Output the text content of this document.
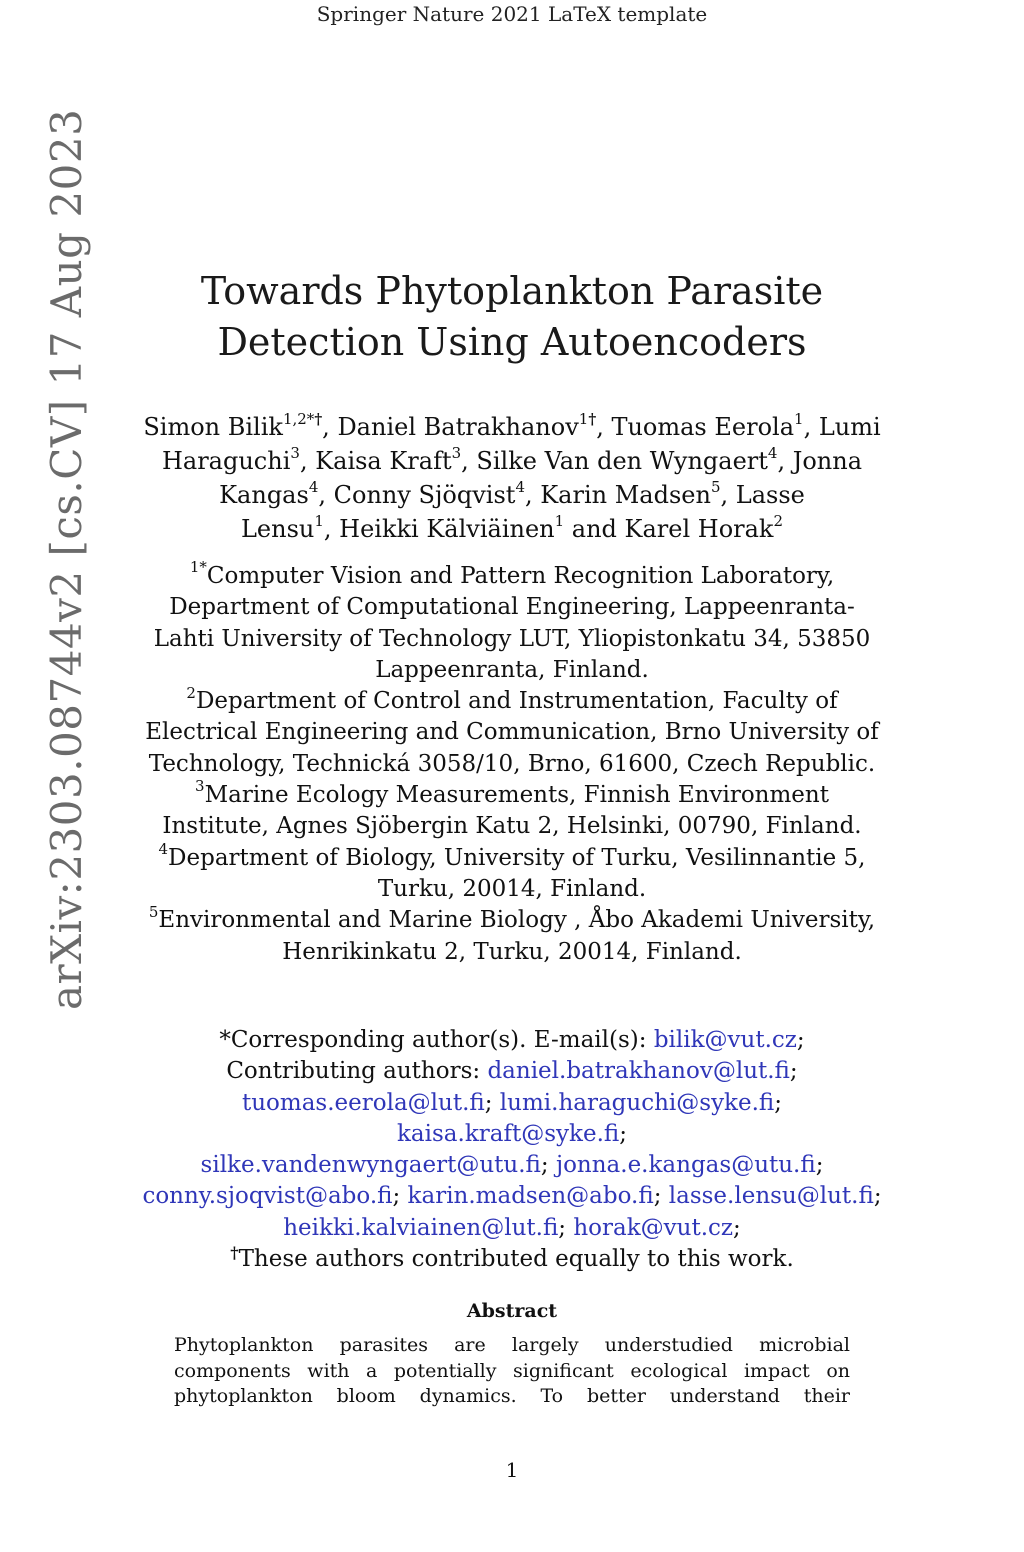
Springer Nature 2021 LaTeX template
arXiv:2303.08744v2 [cs.CV] 17 Aug 2023	Towards Phytoplankton Parasite Detection Using Autoencoders
Simon Bilik$^{1,2*\dagger}$, Daniel Batrakhanov$^{1\dagger}$, Tuomas Eerola$^1$, Lumi Haraguchi$^3$, Kaisa Kraft$^3$, Silke Van den Wyngaert$^4$, Jonna Kangas$^4$, Conny Sjöqvist$^4$, Karin Madsen$^5$, Lasse Lensu$^1$, Heikki Kälviäinen$^1$ and Karel Horak$^2$
$^{1*}$Computer Vision and Pattern Recognition Laboratory, Department of Computational Engineering, Lappeenranta-Lahti University of Technology LUT, Yliopistonkatu 34, 53850 Lappeenranta, Finland.
$^2$Department of Control and Instrumentation, Faculty of Electrical Engineering and Communication, Brno University of Technology, Technická 3058/10, Brno, 61600, Czech Republic.
$^3$Marine Ecology Measurements, Finnish Environment Institute, Agnes Sjöbergin Katu 2, Helsinki, 00790, Finland.
$^4$Department of Biology, University of Turku, Vesilinnantie 5, Turku, 20014, Finland.
$^5$Environmental and Marine Biology , Åbo Akademi University, Henrikinkatu 2, Turku, 20014, Finland.
*Corresponding author(s). E-mail(s): bilik@vut.cz;
Contributing authors: daniel.batrakhanov@lut.fi;
tuomas.eerola@lut.fi; lumi.haraguchi@syke.fi; kaisa.kraft@syke.fi;
silke.vandenwyngaert@utu.fi; jonna.e.kangas@utu.fi;
conny.sjoqvist@abo.fi; karin.madsen@abo.fi; lasse.lensu@lut.fi;
heikki.kalviainen@lut.fi; horak@vut.cz;
†These authors contributed equally to this work.
Abstract
Phytoplankton parasites are largely understudied microbial components with a potentially significant ecological impact on phytoplankton bloom dynamics. To better understand their
1
